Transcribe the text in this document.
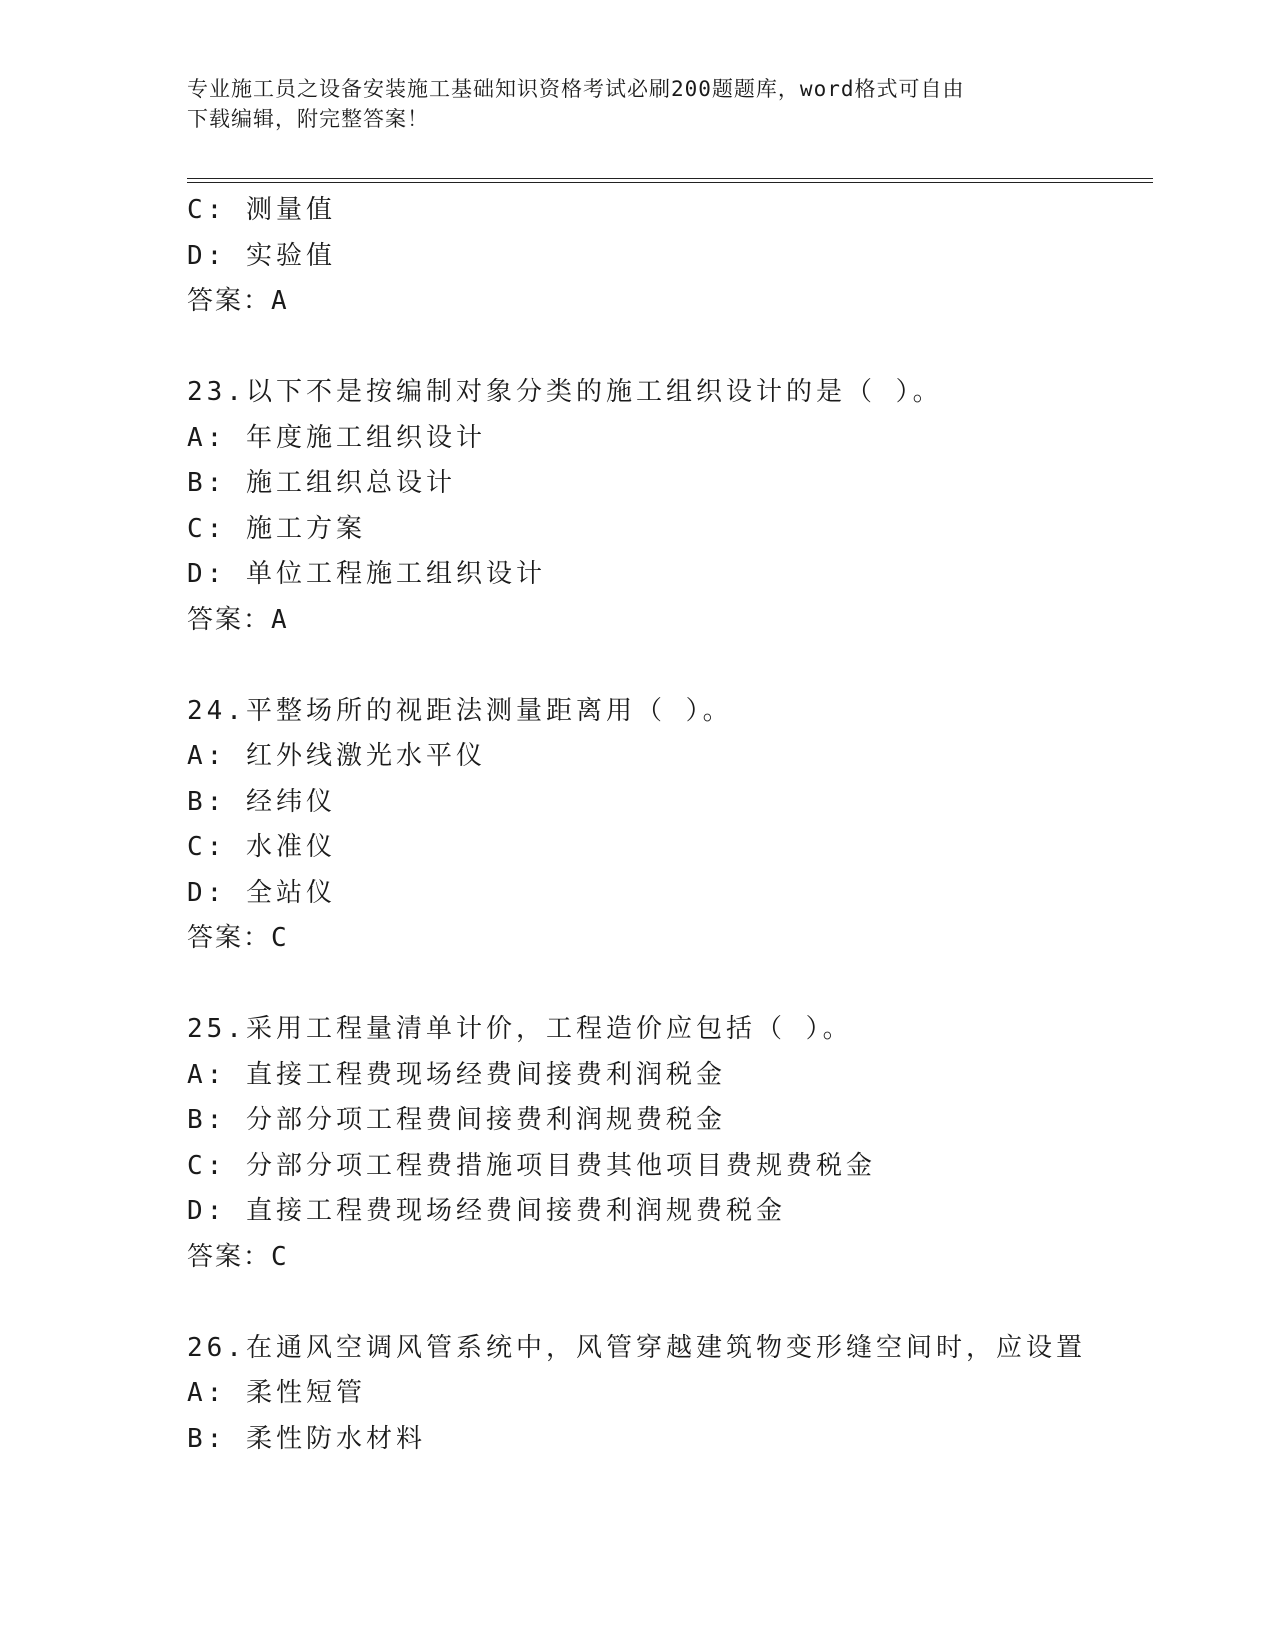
专业施工员之设备安装施工基础知识资格考试必刷200题题库，word格式可自由
下载编辑，附完整答案！
C: 测量值
D: 实验值
答案：A
23.以下不是按编制对象分类的施工组织设计的是（ ）。
A: 年度施工组织设计
B: 施工组织总设计
C: 施工方案
D: 单位工程施工组织设计
答案：A
24.平整场所的视距法测量距离用（ ）。
A: 红外线激光水平仪
B: 经纬仪
C: 水准仪
D: 全站仪
答案：C
25.采用工程量清单计价，工程造价应包括（ ）。
A: 直接工程费现场经费间接费利润税金
B: 分部分项工程费间接费利润规费税金
C: 分部分项工程费措施项目费其他项目费规费税金
D: 直接工程费现场经费间接费利润规费税金
答案：C
26.在通风空调风管系统中，风管穿越建筑物变形缝空间时，应设置
A: 柔性短管
B: 柔性防水材料
